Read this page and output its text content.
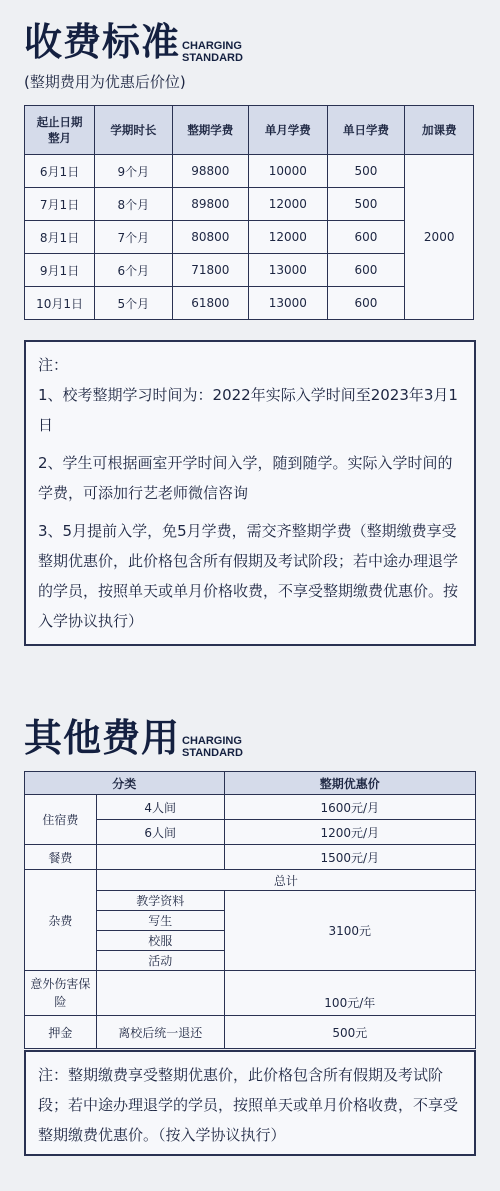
收费标准 CHARGING
STANDARD
(整期费用为优惠后价位)
起止日期整月	学期时长	整期学费	单月学费	单日学费	加课费
6月1日	9个月	98800	10000	500	2000
7月1日	8个月	89800	12000	500	
8月1日	7个月	80800	12000	600	
9月1日	6个月	71800	13000	600	
10月1日	5个月	61800	13000	600	

注：

1、校考整期学习时间为：2022年实际入学时间至2023年3月1日

2、学生可根据画室开学时间入学，随到随学。实际入学时间的学费，可添加行艺老师微信咨询

3、5月提前入学，免5月学费，需交齐整期学费（整期缴费享受整期优惠价，此价格包含所有假期及考试阶段；若中途办理退学的学员，按照单天或单月价格收费，不享受整期缴费优惠价。按入学协议执行）

其他费用 CHARGING
STANDARD
分类		整期优惠价
住宿费	4人间	1600元/月
	6人间	1200元/月
餐费		1500元/月
杂费	总计	
	教学资料	3100元
	写生	
	校服	
	活动	
意外伤害保险		100元/年
押金	离校后统一退还	500元

注：整期缴费享受整期优惠价，此价格包含所有假期及考试阶段；若中途办理退学的学员，按照单天或单月价格收费，不享受整期缴费优惠价。（按入学协议执行）
